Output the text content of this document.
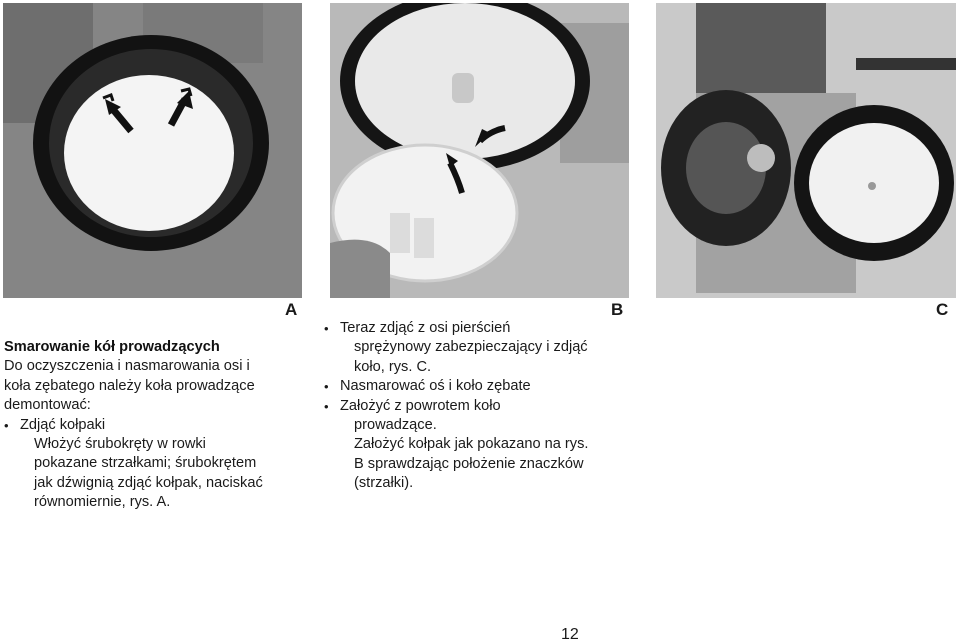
A	B	C
Smarowanie kół prowadzących
Do oczyszczenia i nasmarowania osi i
koła zębatego należy koła prowadzące
demontować:
• Zdjąć kołpaki
Włożyć śrubokręty w rowki
pokazane strzałkami; śrubokrętem
jak dźwignią zdjąć kołpak, naciskać
równomiernie, rys. A.
• Teraz zdjąć z osi pierścień
sprężynowy zabezpieczający i zdjąć
koło, rys. C.
• Nasmarować oś i koło zębate
• Założyć z powrotem koło
prowadzące.
Założyć kołpak jak pokazano na rys.
B sprawdzając położenie znaczków
(strzałki).
12
